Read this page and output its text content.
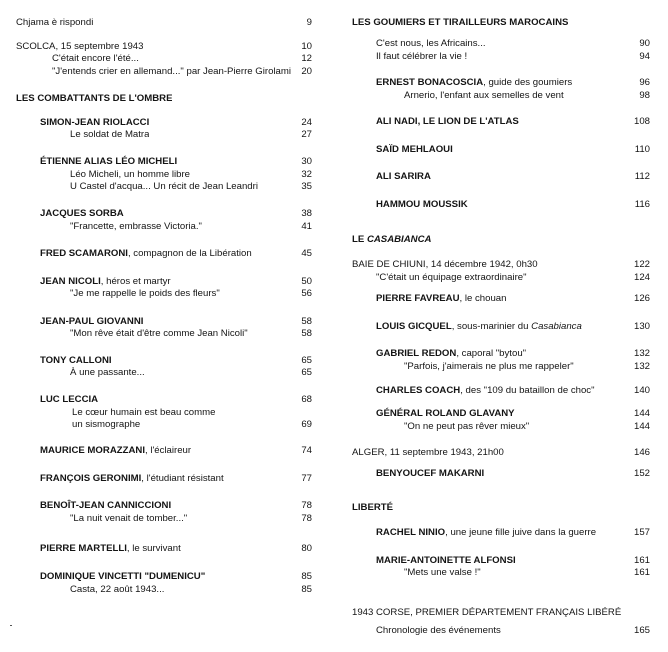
Chjama è rispondi	9
SCOLCA, 15 septembre 1943	10
C'était encore l'été...	12
"J'entends crier en allemand..." par Jean-Pierre Girolami 20
LES COMBATTANTS DE L'OMBRE
SIMON-JEAN RIOLACCI	24
Le soldat de Matra	27
ÉTIENNE ALIAS LÉO MICHELI	30
Léo Micheli, un homme libre	32
U Castel d'acqua... Un récit de Jean Leandri	35
JACQUES SORBA	38
"Francette, embrasse Victoria."	41
FRED SCAMARONI, compagnon de la Libération	45
JEAN NICOLI, héros et martyr	50
"Je me rappelle le poids des fleurs"	56
JEAN-PAUL GIOVANNI	58
"Mon rêve était d'être comme Jean Nicoli"	58
TONY CALLONI	65
À une passante...	65
LUC LECCIA	68
Le cœur humain est beau comme
un sismographe	69
MAURICE MORAZZANI, l'éclaireur	74
FRANÇOIS GERONIMI, l'étudiant résistant	77
BENOÎT-JEAN CANNICCIONI	78
"La nuit venait de tomber..."	78
PIERRE MARTELLI, le survivant	80
DOMINIQUE VINCETTI "DUMENICU"	85
Casta, 22 août 1943...	85
LES GOUMIERS ET TIRAILLEURS MAROCAINS
C'est nous, les Africains...	90
Il faut célébrer la vie !	94
ERNEST BONACOSCIA, guide des goumiers	96
Arnerio, l'enfant aux semelles de vent	98
ALI NADI, LE LION DE L'ATLAS	108
SAÏD MEHLAOUI	110
ALI SARIRA	112
HAMMOU MOUSSIK	116
LE CASABIANCA
BAIE DE CHIUNI, 14 décembre 1942, 0h30	122
"C'était un équipage extraordinaire"	124
PIERRE FAVREAU, le chouan	126
LOUIS GICQUEL, sous-marinier du Casabianca	130
GABRIEL REDON, caporal "bytou"	132
"Parfois, j'aimerais ne plus me rappeler"	132
CHARLES COACH, des "109 du bataillon de choc"	140
GÉNÉRAL ROLAND GLAVANY	144
"On ne peut pas rêver mieux"	144
ALGER, 11 septembre 1943, 21h00	146
BENYOUCEF MAKARNI	152
LIBERTÉ
RACHEL NINIO, une jeune fille juive dans la guerre	157
MARIE-ANTOINETTE ALFONSI	161
"Mets une valse !"	161
1943 CORSE, PREMIER DÉPARTEMENT FRANÇAIS LIBÉRÉ
Chronologie des événements	165
